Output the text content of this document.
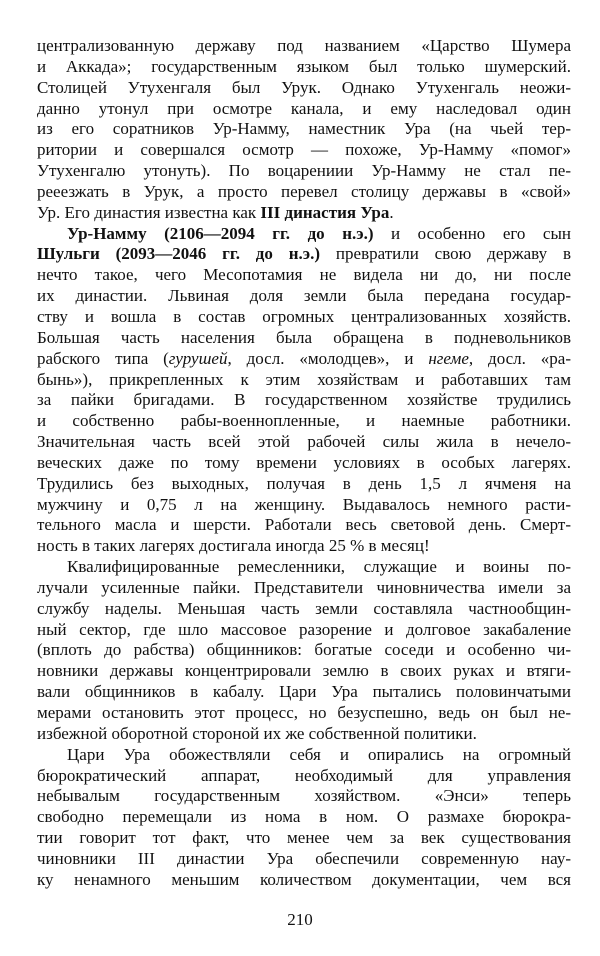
централизованную державу под названием «Царство Шумера
и Аккада»; государственным языком был только шумерский.
Столицей Утухенгаля был Урук. Однако Утухенгаль неожи-
данно утонул при осмотре канала, и ему наследовал один
из его соратников Ур-Намму, наместник Ура (на чьей тер-
ритории и совершался осмотр — похоже, Ур-Намму «помог»
Утухенгалю утонуть). По воцарениии Ур-Намму не стал пе-
рееезжать в Урук, а просто перевел столицу державы в «свой»
Ур. Его династия известна как III династия Ура.
Ур-Намму (2106—2094 гг. до н.э.) и особенно его сын
Шульги (2093—2046 гг. до н.э.) превратили свою державу в
нечто такое, чего Месопотамия не видела ни до, ни после
их династии. Львиная доля земли была передана государ-
ству и вошла в состав огромных централизованных хозяйств.
Большая часть населения была обращена в подневольников
рабского типа (гурушей, досл. «молодцев», и нгеме, досл. «ра-
бынь»), прикрепленных к этим хозяйствам и работавших там
за пайки бригадами. В государственном хозяйстве трудились
и собственно рабы-военнопленные, и наемные работники.
Значительная часть всей этой рабочей силы жила в нечело-
веческих даже по тому времени условиях в особых лагерях.
Трудились без выходных, получая в день 1,5 л ячменя на
мужчину и 0,75 л на женщину. Выдавалось немного расти-
тельного масла и шерсти. Работали весь световой день. Смерт-
ность в таких лагерях достигала иногда 25 % в месяц!
Квалифицированные ремесленники, служащие и воины по-
лучали усиленные пайки. Представители чиновничества имели за
службу наделы. Меньшая часть земли составляла частнообщин-
ный сектор, где шло массовое разорение и долговое закабаление
(вплоть до рабства) общинников: богатые соседи и особенно чи-
новники державы концентрировали землю в своих руках и втяги-
вали общинников в кабалу. Цари Ура пытались половинчатыми
мерами остановить этот процесс, но безуспешно, ведь он был не-
избежной оборотной стороной их же собственной политики.
Цари Ура обожествляли себя и опирались на огромный
бюрократический аппарат, необходимый для управления
небывалым государственным хозяйством. «Энси» теперь
свободно перемещали из нома в ном. О размахе бюрокра-
тии говорит тот факт, что менее чем за век существования
чиновники III династии Ура обеспечили современную нау-
ку ненамного меньшим количеством документации, чем вся
210
